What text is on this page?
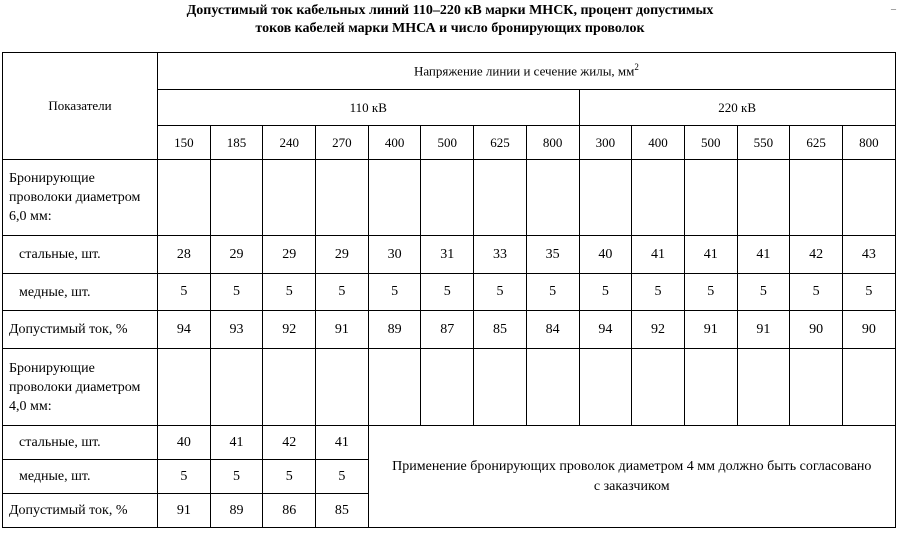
Допустимый ток кабельных линий 110–220 кВ марки МНСК, процент допустимых
токов кабелей марки МНСА и число бронирующих проволок
_
Показатели	Напряжение линии и сечение жилы, $мм^2$
	110 кВ								220 кВ					
	150	185	240	270	400	500	625	800	300	400	500	550	625	800
Бронирующие проволоки диаметром 6,0 мм:														
стальные, шт.	28	29	29	29	30	31	33	35	40	41	41	41	42	43
медные, шт.	5	5	5	5	5	5	5	5	5	5	5	5	5	5
Допустимый ток, %	94	93	92	91	89	87	85	84	94	92	91	91	90	90
Бронирующие проволоки диаметром 4,0 мм:														
стальные, шт.	40	41	42	41	Применение бронирующих проволок диаметром 4 мм должно быть согласовано с заказчиком									

медные, шт.	5	5	5	5										
Допустимый ток, %	91	89	86	85										
